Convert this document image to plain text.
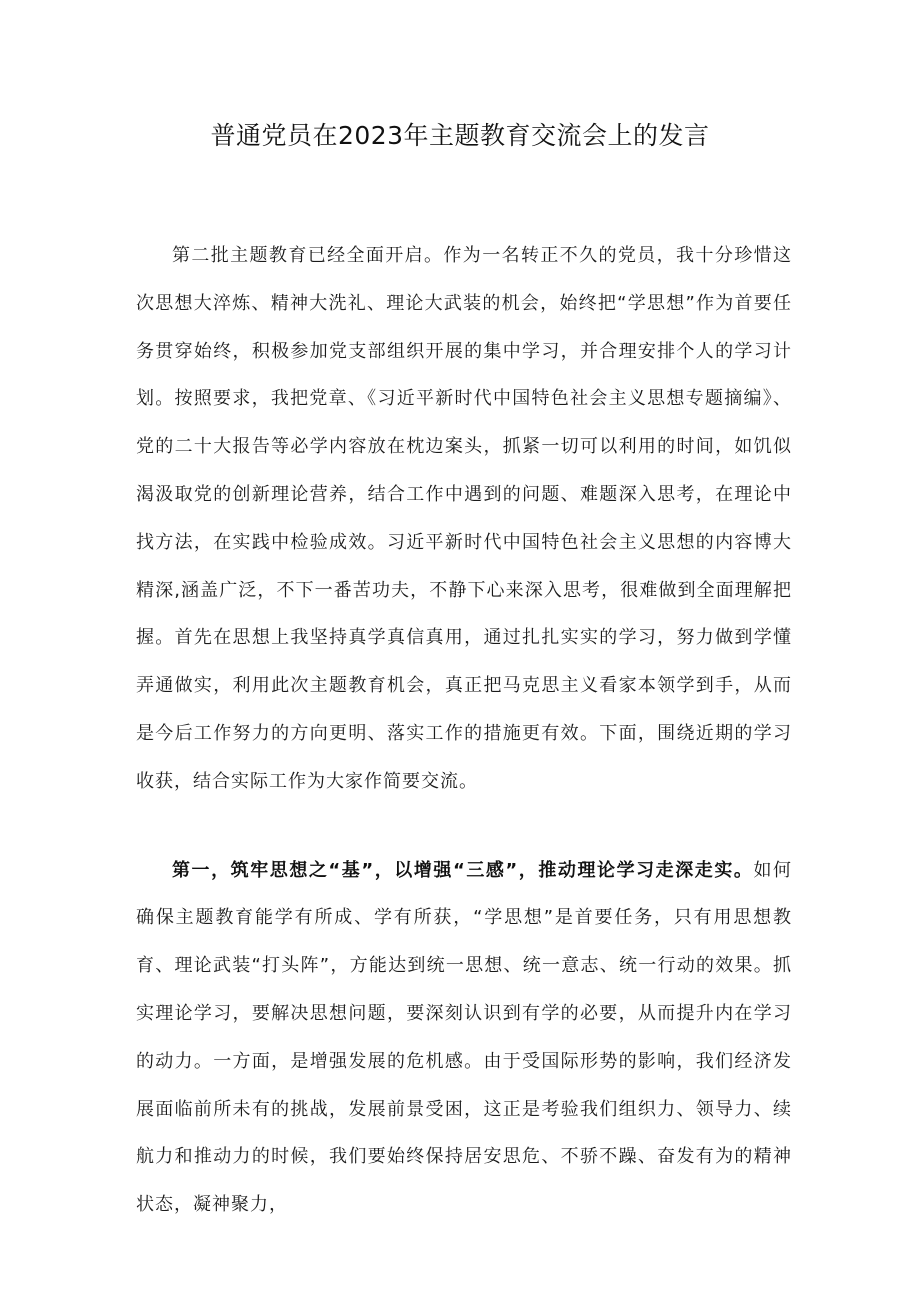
普通党员在2023年主题教育交流会上的发言

第二批主题教育已经全面开启。作为一名转正不久的党员，我十分珍惜这次思想大淬炼、精神大洗礼、理论大武装的机会，始终把“学思想”作为首要任务贯穿始终，积极参加党支部组织开展的集中学习，并合理安排个人的学习计划。按照要求，我把党章、《习近平新时代中国特色社会主义思想专题摘编》、党的二十大报告等必学内容放在枕边案头，抓紧一切可以利用的时间，如饥似渴汲取党的创新理论营养，结合工作中遇到的问题、难题深入思考，在理论中找方法，在实践中检验成效。习近平新时代中国特色社会主义思想的内容博大精深,涵盖广泛，不下一番苦功夫，不静下心来深入思考，很难做到全面理解把握。首先在思想上我坚持真学真信真用，通过扎扎实实的学习，努力做到学懂弄通做实，利用此次主题教育机会，真正把马克思主义看家本领学到手，从而是今后工作努力的方向更明、落实工作的措施更有效。下面，围绕近期的学习收获，结合实际工作为大家作简要交流。

第一，筑牢思想之“基”，以增强“三感”，推动理论学习走深走实。如何确保主题教育能学有所成、学有所获，“学思想”是首要任务，只有用思想教育、理论武装“打头阵”，方能达到统一思想、统一意志、统一行动的效果。抓实理论学习，要解决思想问题，要深刻认识到有学的必要，从而提升内在学习的动力。一方面，是增强发展的危机感。由于受国际形势的影响，我们经济发展面临前所未有的挑战，发展前景受困，这正是考验我们组织力、领导力、续航力和推动力的时候，我们要始终保持居安思危、不骄不躁、奋发有为的精神状态，凝神聚力，
